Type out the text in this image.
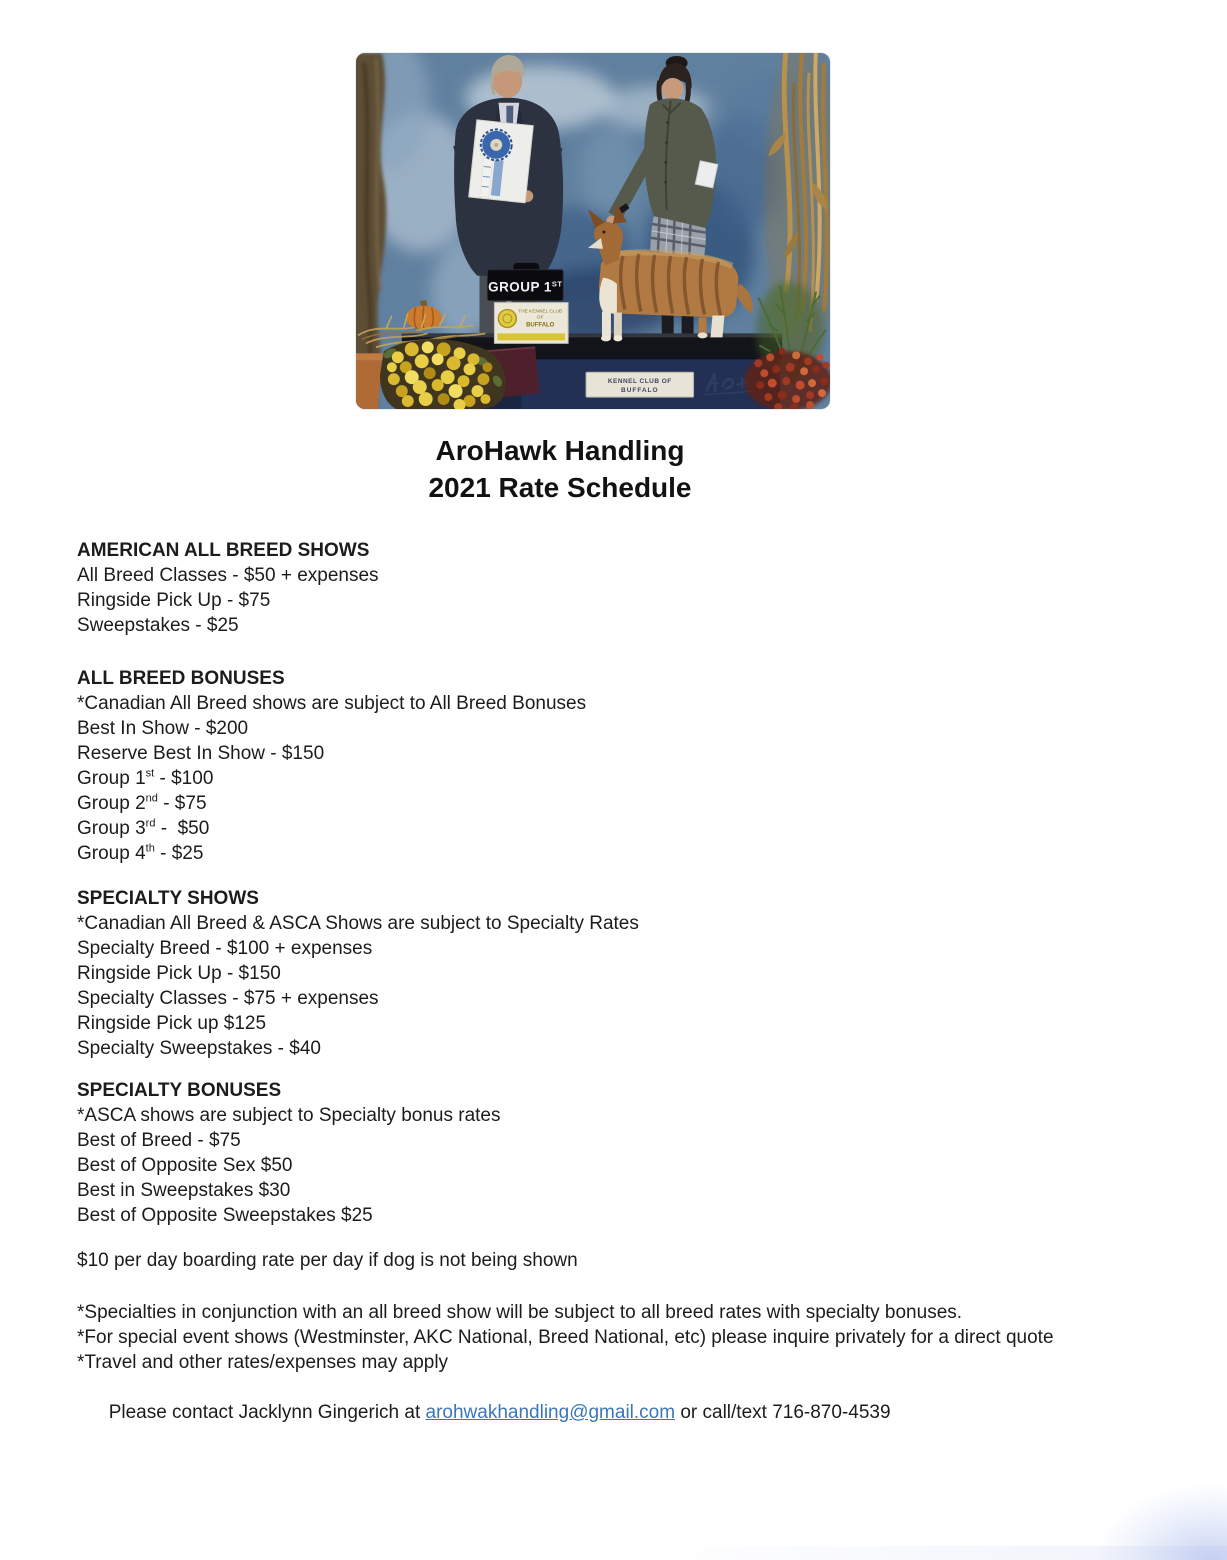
KENNEL CLUB OF
BUFFALO
GROUP 1ST
THE KENNEL CLUB
OF
BUFFALO
AroHawk Handling
2021 Rate Schedule
AMERICAN ALL BREED SHOWS
All Breed Classes - $50 + expenses
Ringside Pick Up - $75
Sweepstakes - $25
ALL BREED BONUSES
*Canadian All Breed shows are subject to All Breed Bonuses
Best In Show - $200
Reserve Best In Show - $150
Group 1st - $100
Group 2nd - $75
Group 3rd -  $50
Group 4th - $25
SPECIALTY SHOWS
*Canadian All Breed & ASCA Shows are subject to Specialty Rates
Specialty Breed - $100 + expenses
Ringside Pick Up - $150
Specialty Classes - $75 + expenses
Ringside Pick up $125
Specialty Sweepstakes - $40
SPECIALTY BONUSES
*ASCA shows are subject to Specialty bonus rates
Best of Breed - $75
Best of Opposite Sex $50
Best in Sweepstakes $30
Best of Opposite Sweepstakes $25
$10 per day boarding rate per day if dog is not being shown
*Specialties in conjunction with an all breed show will be subject to all breed rates with specialty bonuses.
*For special event shows (Westminster, AKC National, Breed National, etc) please inquire privately for a direct quote
*Travel and other rates/expenses may apply

Please contact Jacklynn Gingerich at arohwakhandling@gmail.com or call/text 716-870-4539
